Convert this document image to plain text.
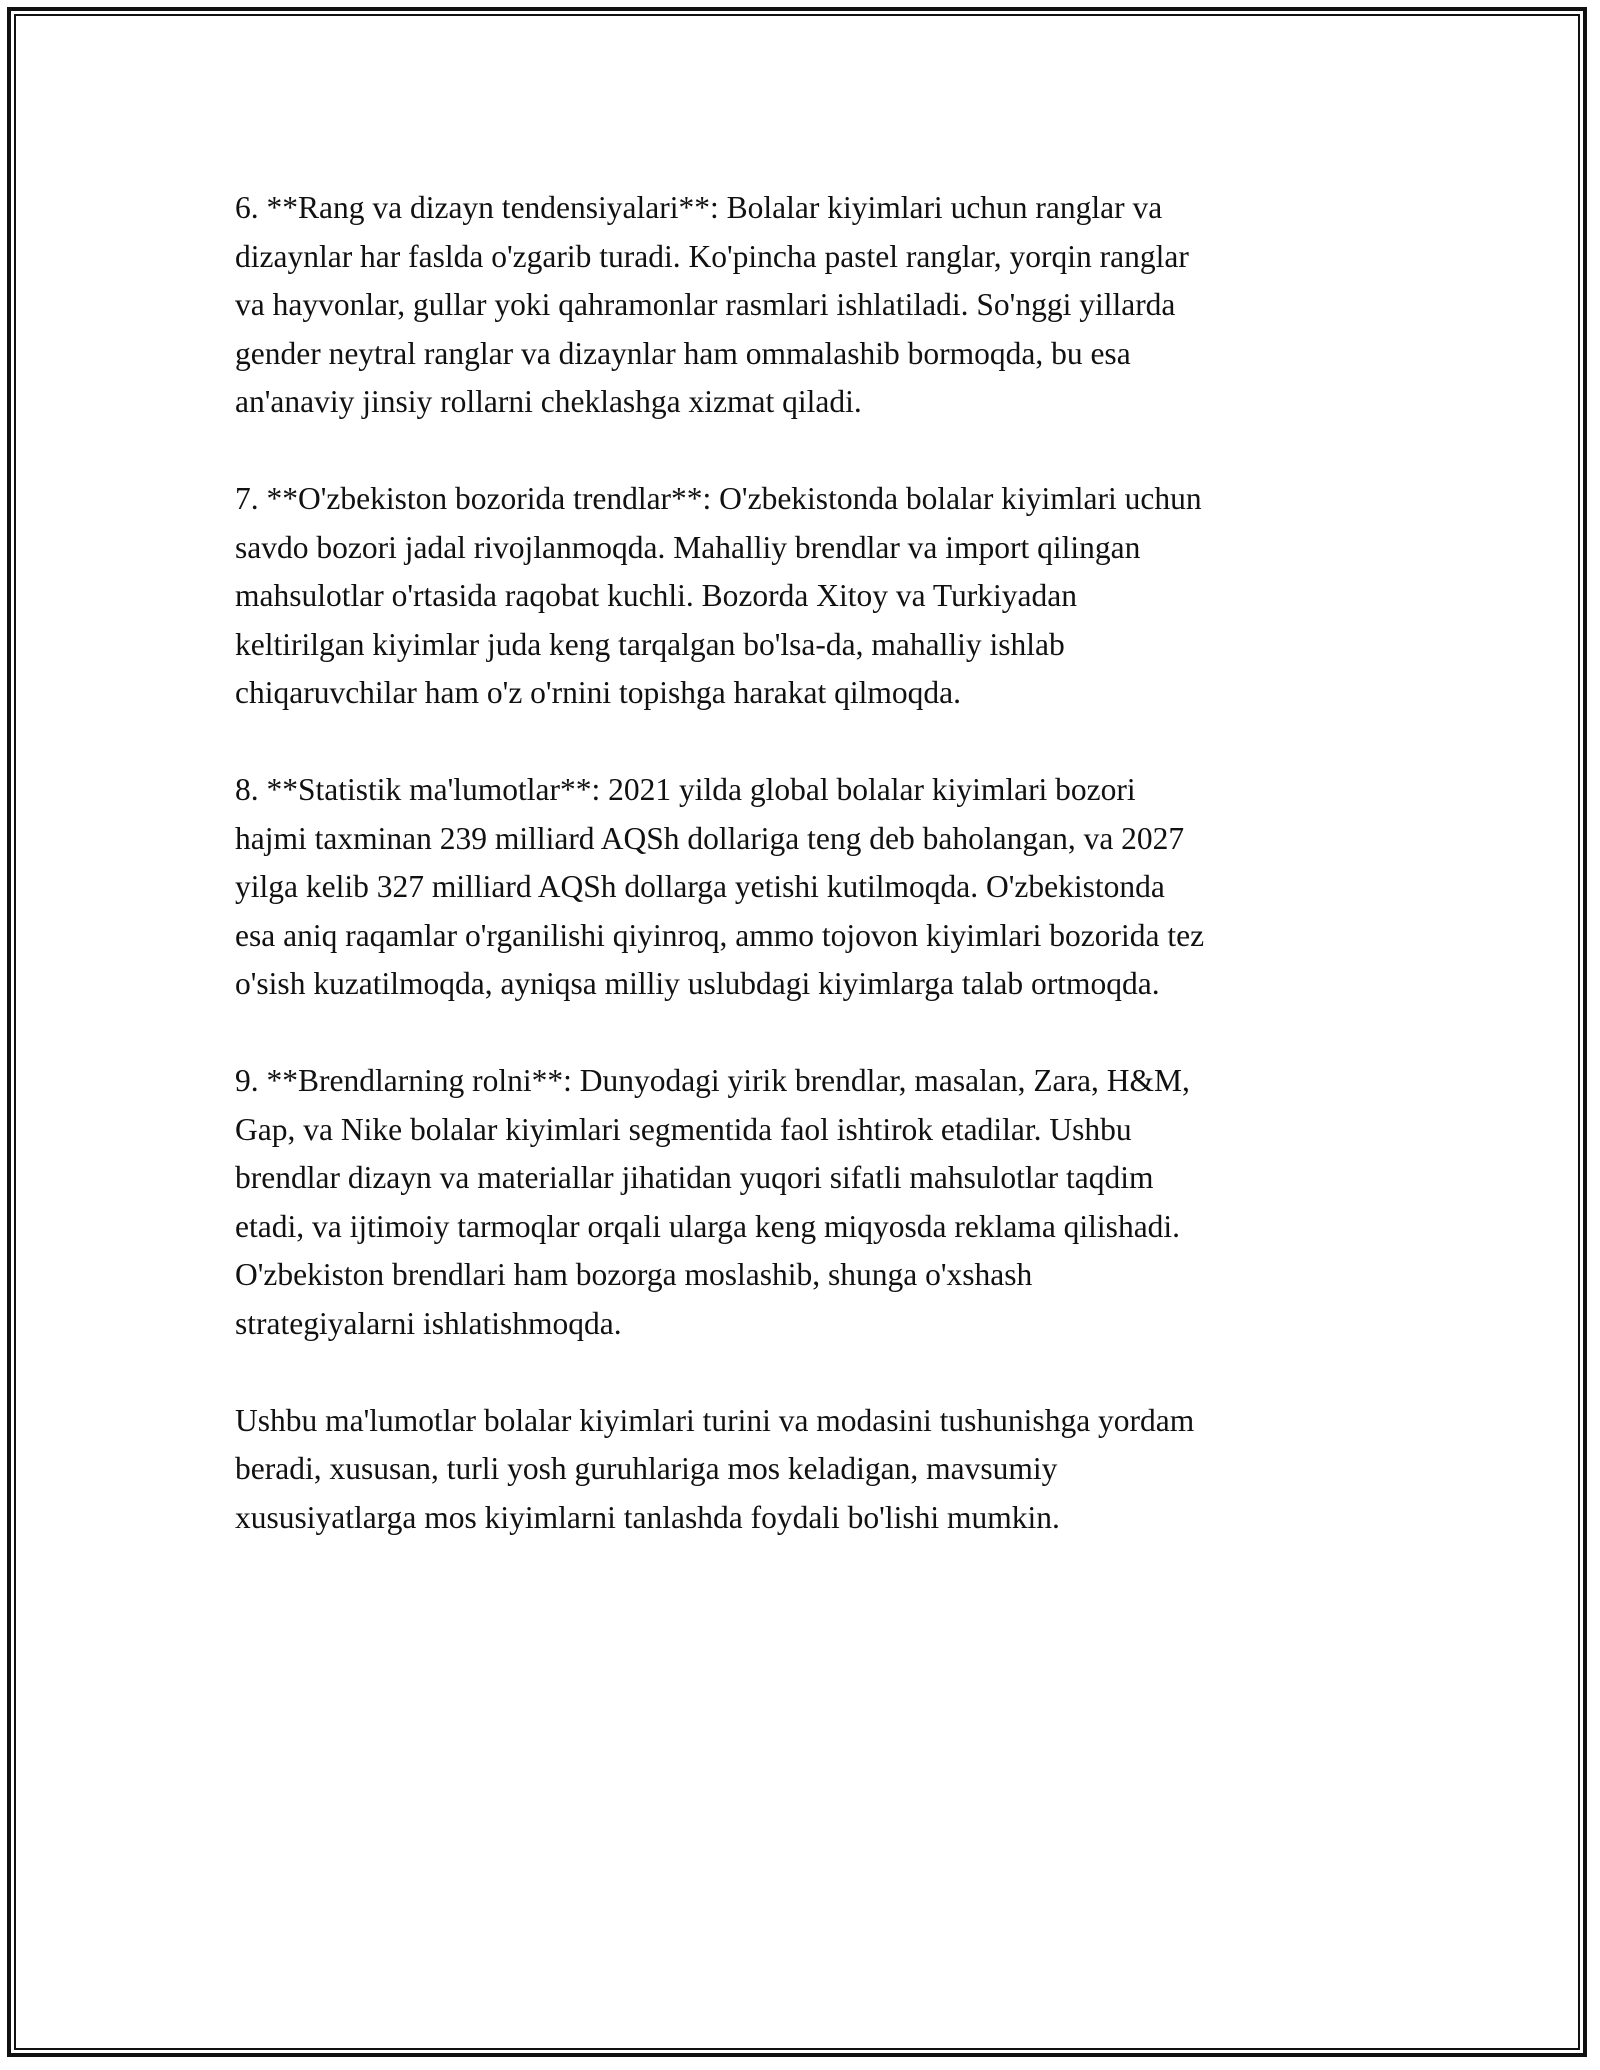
6. **Rang va dizayn tendensiyalari**: Bolalar kiyimlari uchun ranglar va
dizaynlar har faslda o'zgarib turadi. Ko'pincha pastel ranglar, yorqin ranglar
va hayvonlar, gullar yoki qahramonlar rasmlari ishlatiladi. So'nggi yillarda
gender neytral ranglar va dizaynlar ham ommalashib bormoqda, bu esa
an'anaviy jinsiy rollarni cheklashga xizmat qiladi.

7. **O'zbekiston bozorida trendlar**: O'zbekistonda bolalar kiyimlari uchun
savdo bozori jadal rivojlanmoqda. Mahalliy brendlar va import qilingan
mahsulotlar o'rtasida raqobat kuchli. Bozorda Xitoy va Turkiyadan
keltirilgan kiyimlar juda keng tarqalgan bo'lsa-da, mahalliy ishlab
chiqaruvchilar ham o'z o'rnini topishga harakat qilmoqda.

8. **Statistik ma'lumotlar**: 2021 yilda global bolalar kiyimlari bozori
hajmi taxminan 239 milliard AQSh dollariga teng deb baholangan, va 2027
yilga kelib 327 milliard AQSh dollarga yetishi kutilmoqda. O'zbekistonda
esa aniq raqamlar o'rganilishi qiyinroq, ammo tojovon kiyimlari bozorida tez
o'sish kuzatilmoqda, ayniqsa milliy uslubdagi kiyimlarga talab ortmoqda.

9. **Brendlarning rolni**: Dunyodagi yirik brendlar, masalan, Zara, H&M,
Gap, va Nike bolalar kiyimlari segmentida faol ishtirok etadilar. Ushbu
brendlar dizayn va materiallar jihatidan yuqori sifatli mahsulotlar taqdim
etadi, va ijtimoiy tarmoqlar orqali ularga keng miqyosda reklama qilishadi.
O'zbekiston brendlari ham bozorga moslashib, shunga o'xshash
strategiyalarni ishlatishmoqda.

Ushbu ma'lumotlar bolalar kiyimlari turini va modasini tushunishga yordam
beradi, xususan, turli yosh guruhlariga mos keladigan, mavsumiy
xususiyatlarga mos kiyimlarni tanlashda foydali bo'lishi mumkin.
